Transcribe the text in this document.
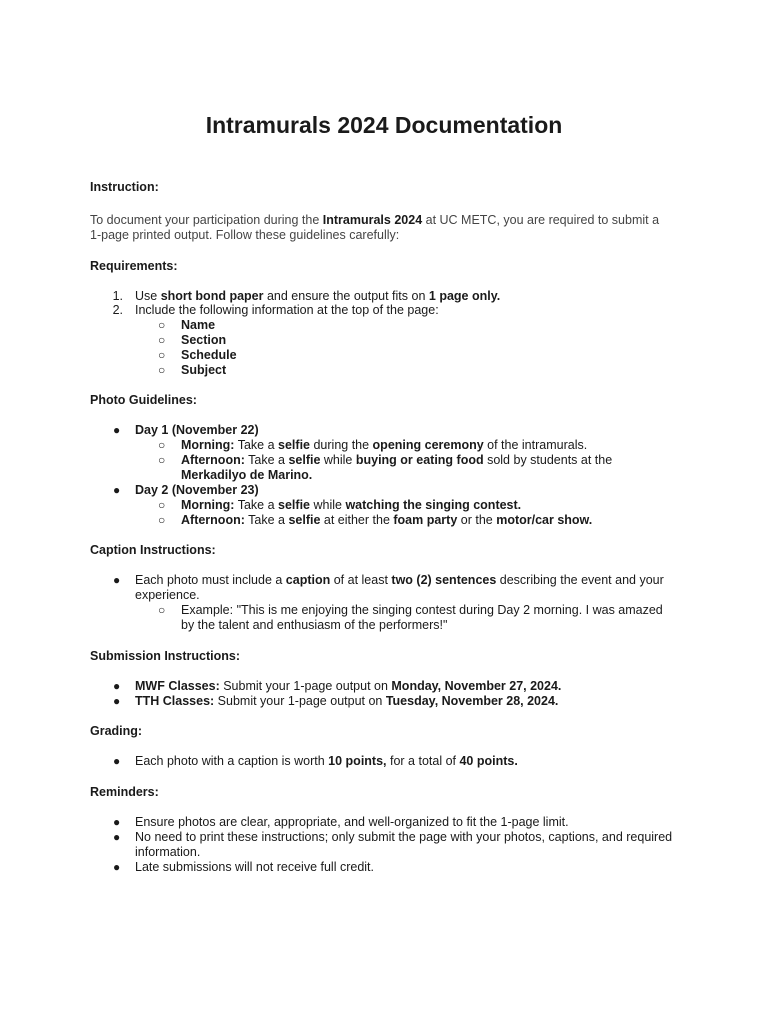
Intramurals 2024 Documentation
Instruction:
To document your participation during the Intramurals 2024 at UC METC, you are required to submit a
1-page printed output. Follow these guidelines carefully:
Requirements:
1. Use short bond paper and ensure the output fits on 1 page only.
2. Include the following information at the top of the page:
○ Name
○ Section
○ Schedule
○ Subject
Photo Guidelines:
● Day 1 (November 22)
○ Morning: Take a selfie during the opening ceremony of the intramurals.
○ Afternoon: Take a selfie while buying or eating food sold by students at the
Merkadilyo de Marino.
● Day 2 (November 23)
○ Morning: Take a selfie while watching the singing contest.
○ Afternoon: Take a selfie at either the foam party or the motor/car show.
Caption Instructions:
● Each photo must include a caption of at least two (2) sentences describing the event and your
experience.
○ Example: "This is me enjoying the singing contest during Day 2 morning. I was amazed
by the talent and enthusiasm of the performers!"
Submission Instructions:
● MWF Classes: Submit your 1-page output on Monday, November 27, 2024.
● TTH Classes: Submit your 1-page output on Tuesday, November 28, 2024.
Grading:
● Each photo with a caption is worth 10 points, for a total of 40 points.
Reminders:
● Ensure photos are clear, appropriate, and well-organized to fit the 1-page limit.
● No need to print these instructions; only submit the page with your photos, captions, and required
information.
● Late submissions will not receive full credit.
